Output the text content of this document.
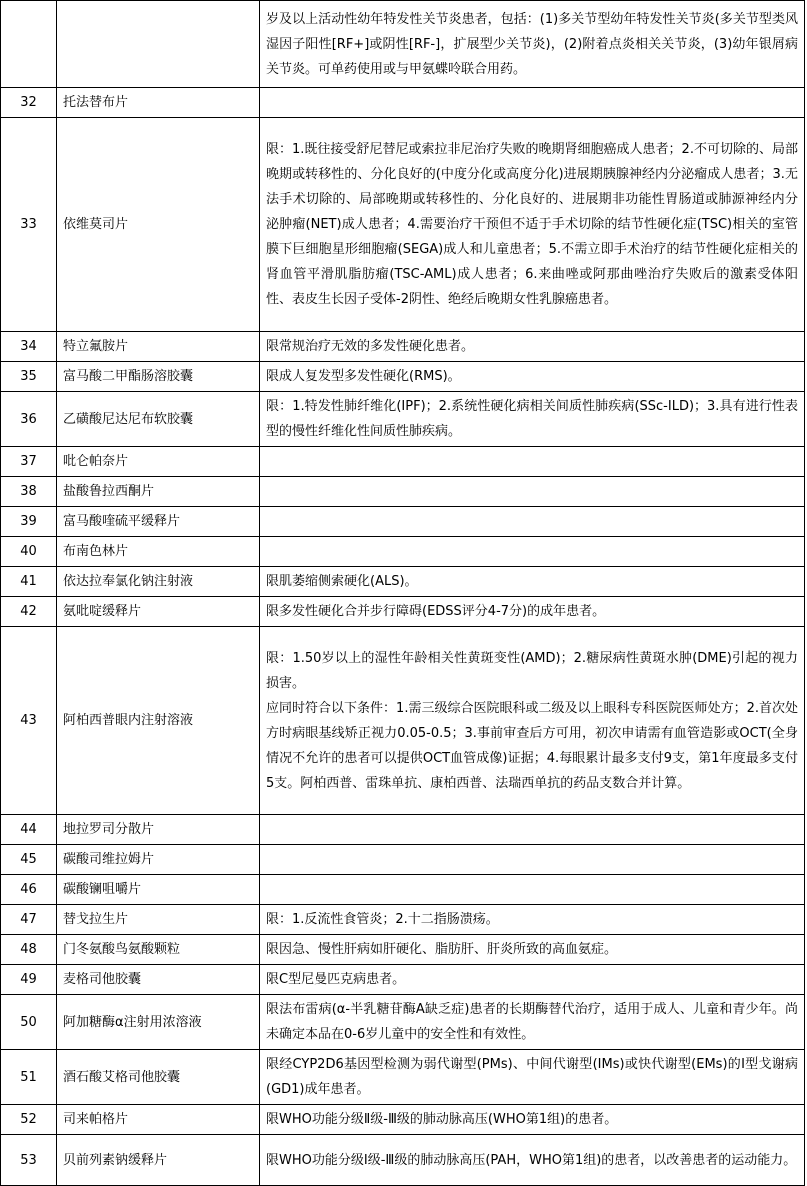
		岁及以上活动性幼年特发性关节炎患者，包括：(1)多关节型幼年特发性关节炎(多关节型类风湿因子阳性[RF+]或阴性[RF-]，扩展型少关节炎)，(2)附着点炎相关关节炎，(3)幼年银屑病关节炎。可单药使用或与甲氨蝶呤联合用药。

32	托法替布片	
33	依维莫司片	限：1.既往接受舒尼替尼或索拉非尼治疗失败的晚期肾细胞癌成人患者；2.不可切除的、局部晚期或转移性的、分化良好的(中度分化或高度分化)进展期胰腺神经内分泌瘤成人患者；3.无法手术切除的、局部晚期或转移性的、分化良好的、进展期非功能性胃肠道或肺源神经内分泌肿瘤(NET)成人患者；4.需要治疗干预但不适于手术切除的结节性硬化症(TSC)相关的室管膜下巨细胞星形细胞瘤(SEGA)成人和儿童患者；5.不需立即手术治疗的结节性硬化症相关的肾血管平滑肌脂肪瘤(TSC-AML)成人患者；6.来曲唑或阿那曲唑治疗失败后的激素受体阳性、表皮生长因子受体-2阴性、绝经后晚期女性乳腺癌患者。

34	特立氟胺片	限常规治疗无效的多发性硬化患者。

35	富马酸二甲酯肠溶胶囊	限成人复发型多发性硬化(RMS)。

36	乙磺酸尼达尼布软胶囊	限：1.特发性肺纤维化(IPF)；2.系统性硬化病相关间质性肺疾病(SSc-ILD)；3.具有进行性表型的慢性纤维化性间质性肺疾病。

37	吡仑帕奈片	
38	盐酸鲁拉西酮片	
39	富马酸喹硫平缓释片	
40	布南色林片	
41	依达拉奉氯化钠注射液	限肌萎缩侧索硬化(ALS)。

42	氨吡啶缓释片	限多发性硬化合并步行障碍(EDSS评分4-7分)的成年患者。

43	阿柏西普眼内注射溶液	限：1.50岁以上的湿性年龄相关性黄斑变性(AMD)；2.糖尿病性黄斑水肿(DME)引起的视力损害。

应同时符合以下条件：1.需三级综合医院眼科或二级及以上眼科专科医院医师处方；2.首次处方时病眼基线矫正视力0.05-0.5；3.事前审查后方可用，初次申请需有血管造影或OCT(全身情况不允许的患者可以提供OCT血管成像)证据；4.每眼累计最多支付9支，第1年度最多支付5支。阿柏西普、雷珠单抗、康柏西普、法瑞西单抗的药品支数合并计算。

44	地拉罗司分散片	
45	碳酸司维拉姆片	
46	碳酸镧咀嚼片	
47	替戈拉生片	限：1.反流性食管炎；2.十二指肠溃疡。

48	门冬氨酸鸟氨酸颗粒	限因急、慢性肝病如肝硬化、脂肪肝、肝炎所致的高血氨症。

49	麦格司他胶囊	限C型尼曼匹克病患者。

50	阿加糖酶α注射用浓溶液	限法布雷病(α-半乳糖苷酶A缺乏症)患者的长期酶替代治疗，适用于成人、儿童和青少年。尚未确定本品在0-6岁儿童中的安全性和有效性。

51	酒石酸艾格司他胶囊	限经CYP2D6基因型检测为弱代谢型(PMs)、中间代谢型(IMs)或快代谢型(EMs)的Ⅰ型戈谢病(GD1)成年患者。

52	司来帕格片	限WHO功能分级Ⅱ级-Ⅲ级的肺动脉高压(WHO第1组)的患者。

53	贝前列素钠缓释片	限WHO功能分级Ⅰ级-Ⅲ级的肺动脉高压(PAH，WHO第1组)的患者，以改善患者的运动能力。
